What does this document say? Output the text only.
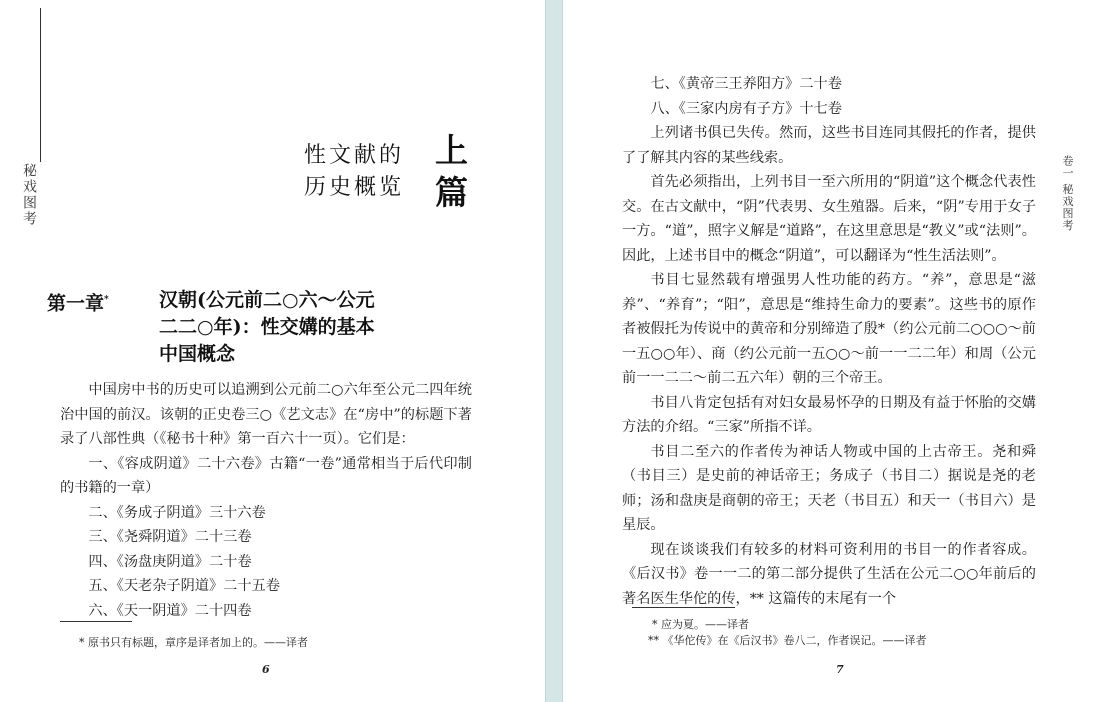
秘戏图考
性文献的
历史概览
上
篇
第一章*	汉朝(公元前二○六～公元
二二○年)：性交媾的基本
中国概念

中国房中书的历史可以追溯到公元前二○六年至公元二四年统治中国的前汉。该朝的正史卷三○《艺文志》在“房中”的标题下著录了八部性典（《秘书十种》第一百六十一页）。它们是：

一、《容成阴道》二十六卷》古籍“一卷”通常相当于后代印制的书籍的一章）

二、《务成子阴道》三十六卷

三、《尧舜阴道》二十三卷

四、《汤盘庚阴道》二十卷

五、《天老杂子阴道》二十五卷

六、《天一阴道》二十四卷

* 原书只有标题，章序是译者加上的。——译者
6

七、《黄帝三王养阳方》二十卷

八、《三家内房有子方》十七卷

上列诸书俱已失传。然而，这些书目连同其假托的作者，提供了了解其内容的某些线索。

首先必须指出，上列书目一至六所用的“阴道”这个概念代表性交。在古文献中，“阴”代表男、女生殖器。后来，“阴”专用于女子一方。“道”，照字义解是“道路”，在这里意思是“教义”或“法则”。因此，上述书目中的概念“阴道”，可以翻译为“性生活法则”。

书目七显然载有增强男人性功能的药方。“养”，意思是“滋养”、“养育”；“阳”，意思是“维持生命力的要素”。这些书的原作者被假托为传说中的黄帝和分别缔造了殷*（约公元前二○○○～前一五○○年）、商（约公元前一五○○～前一一二二年）和周（公元前一一二二～前二五六年）朝的三个帝王。

书目八肯定包括有对妇女最易怀孕的日期及有益于怀胎的交媾方法的介绍。“三家”所指不详。

书目二至六的作者传为神话人物或中国的上古帝王。尧和舜（书目三）是史前的神话帝王；务成子（书目二）据说是尧的老师；汤和盘庚是商朝的帝王；天老（书目五）和天一（书目六）是星辰。

现在谈谈我们有较多的材料可资利用的书目一的作者容成。《后汉书》卷一一二的第二部分提供了生活在公元二○○年前后的著名医生华佗的传，** 这篇传的末尾有一个

卷一 秘戏图考
* 应为夏。——译者
** 《华佗传》在《后汉书》卷八二，作者误记。——译者
7
